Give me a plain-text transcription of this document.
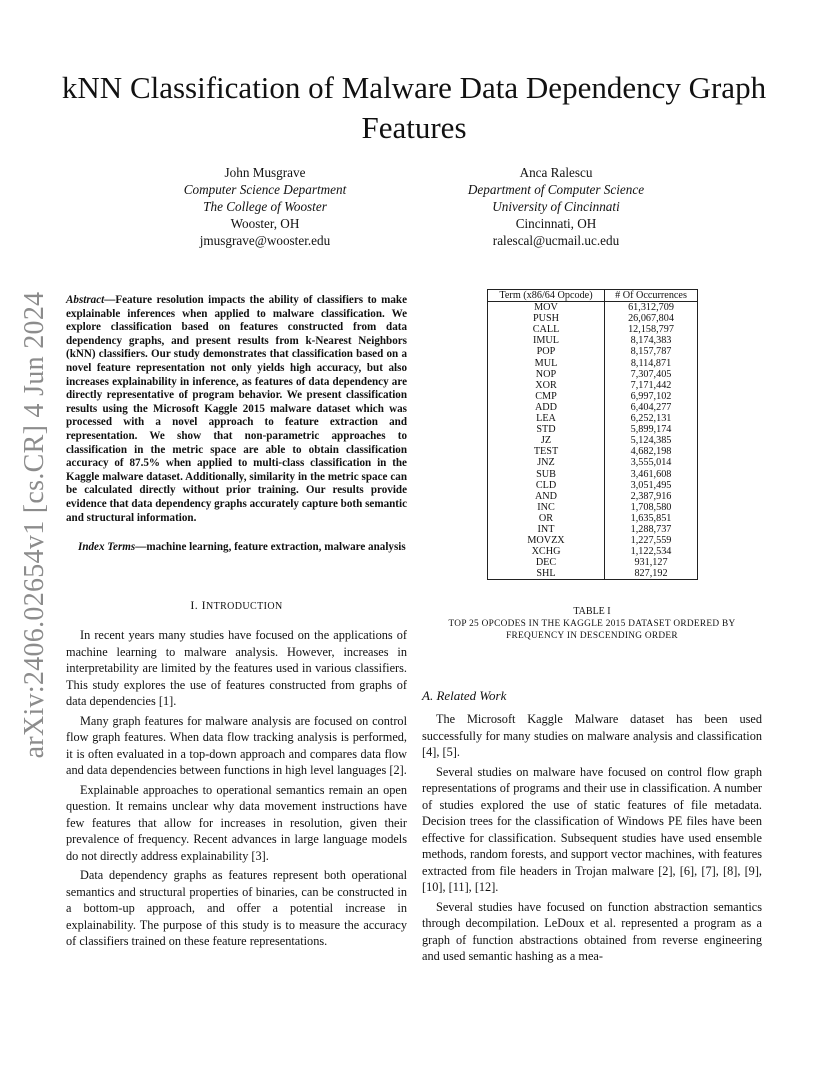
arXiv:2406.02654v1 [cs.CR] 4 Jun 2024
kNN Classification of Malware Data Dependency Graph Features
John Musgrave
Computer Science Department
The College of Wooster
Wooster, OH
jmusgrave@wooster.edu
Anca Ralescu
Department of Computer Science
University of Cincinnati
Cincinnati, OH
ralescal@ucmail.uc.edu
Abstract—Feature resolution impacts the ability of classifiers to make explainable inferences when applied to malware classification. We explore classification based on features constructed from data dependency graphs, and present results from k-Nearest Neighbors (kNN) classifiers. Our study demonstrates that classification based on a novel feature representation not only yields high accuracy, but also increases explainability in inference, as features of data dependency are directly representative of program behavior. We present classification results using the Microsoft Kaggle 2015 malware dataset which was processed with a novel approach to feature extraction and representation. We show that non-parametric approaches to classification in the metric space are able to obtain classification accuracy of 87.5% when applied to multi-class classification in the Kaggle malware dataset. Additionally, similarity in the metric space can be calculated directly without prior training. Our results provide evidence that data dependency graphs accurately capture both semantic and structural information.
Index Terms—machine learning, feature extraction, malware analysis
I. INTRODUCTION

In recent years many studies have focused on the applications of machine learning to malware analysis. However, increases in interpretability are limited by the features used in various classifiers. This study explores the use of features constructed from graphs of data dependencies [1].

Many graph features for malware analysis are focused on control flow graph features. When data flow tracking analysis is performed, it is often evaluated in a top-down approach and compares data flow and data dependencies between functions in high level languages [2].

Explainable approaches to operational semantics remain an open question. It remains unclear why data movement instructions have few features that allow for increases in resolution, given their prevalence of frequency. Recent advances in large language models do not directly address explainability [3].

Data dependency graphs as features represent both operational semantics and structural properties of binaries, can be constructed in a bottom-up approach, and offer a potential increase in explainability. The purpose of this study is to measure the accuracy of classifiers trained on these feature representations.

Term (x86/64 Opcode)	# Of Occurrences
MOV	61,312,709
PUSH	26,067,804
CALL	12,158,797
IMUL	8,174,383
POP	8,157,787
MUL	8,114,871
NOP	7,307,405
XOR	7,171,442
CMP	6,997,102
ADD	6,404,277
LEA	6,252,131
STD	5,899,174
JZ	5,124,385
TEST	4,682,198
JNZ	3,555,014
SUB	3,461,608
CLD	3,051,495
AND	2,387,916
INC	1,708,580
OR	1,635,851
INT	1,288,737
MOVZX	1,227,559
XCHG	1,122,534
DEC	931,127
SHL	827,192
TABLE I
TOP 25 OPCODES IN THE KAGGLE 2015 DATASET ORDERED BY FREQUENCY IN DESCENDING ORDER
A. Related Work

The Microsoft Kaggle Malware dataset has been used successfully for many studies on malware analysis and classification [4], [5].

Several studies on malware have focused on control flow graph representations of programs and their use in classification. A number of studies explored the use of static features of file metadata. Decision trees for the classification of Windows PE files have been effective for classification. Subsequent studies have used ensemble methods, random forests, and support vector machines, with features extracted from file headers in Trojan malware [2], [6], [7], [8], [9], [10], [11], [12].

Several studies have focused on function abstraction semantics through decompilation. LeDoux et al. represented a program as a graph of function abstractions obtained from reverse engineering and used semantic hashing as a mea-
